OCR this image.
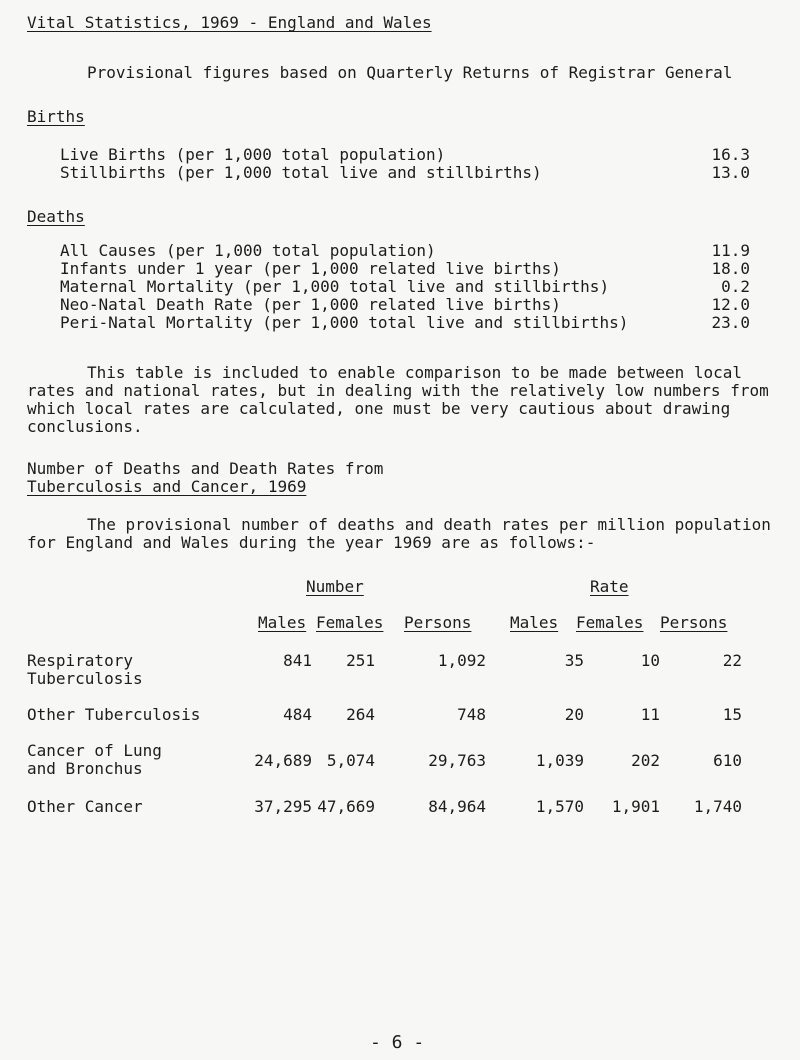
Vital Statistics, 1969 - England and Wales
Provisional figures based on Quarterly Returns of Registrar General
Births
Live Births (per 1,000 total population)	16.3
Stillbirths (per 1,000 total live and stillbirths)	13.0
Deaths
All Causes (per 1,000 total population)	11.9
Infants under 1 year (per 1,000 related live births)	18.0
Maternal Mortality (per 1,000 total live and stillbirths)	0.2
Neo-Natal Death Rate (per 1,000 related live births)	12.0
Peri-Natal Mortality (per 1,000 total live and stillbirths)	23.0
This table is included to enable comparison to be made between local
rates and national rates, but in dealing with the relatively low numbers from
which local rates are calculated, one must be very cautious about drawing
conclusions.
Number of Deaths and Death Rates from
Tuberculosis and Cancer, 1969
The provisional number of deaths and death rates per million population
for England and Wales during the year 1969 are as follows:-
Number	Rate
Males Females Persons Males Females Persons
Respiratory
Tuberculosis
841 251	1,092	35	10	22
Other Tuberculosis	484 264	748	20	11	15
Cancer of Lung
and Bronchus	24,689 5,074	29,763	1,039	202	610
Other Cancer	37,295 47,669	84,964	1,570 1,901 1,740
- 6 -
